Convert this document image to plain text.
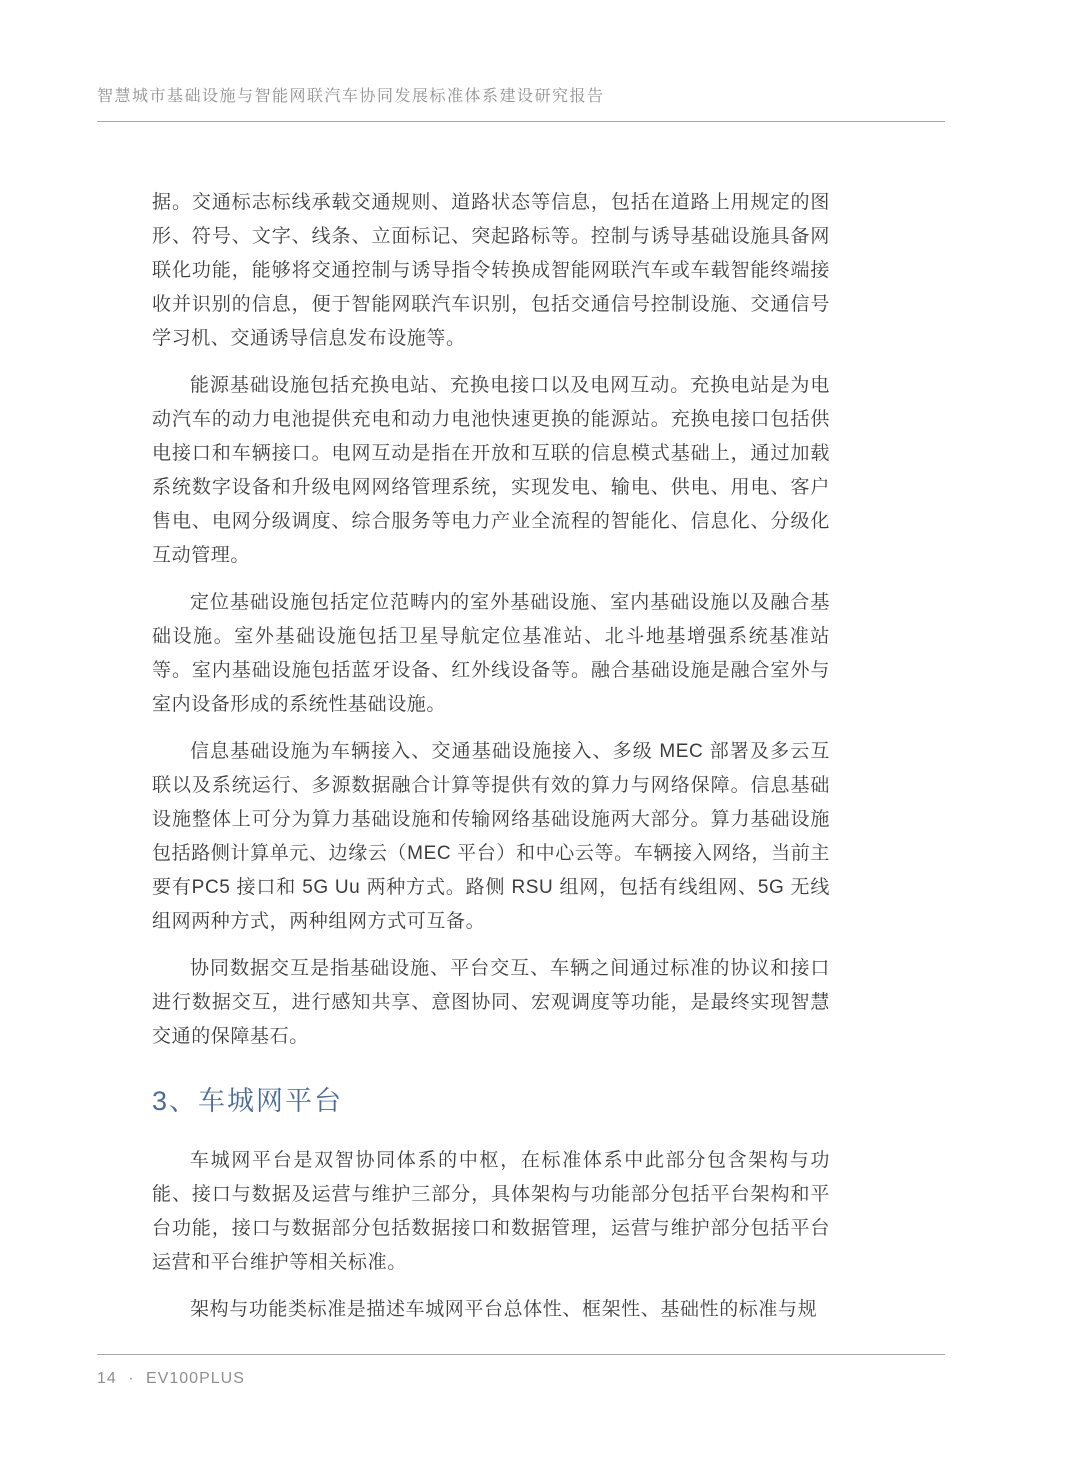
智慧城市基础设施与智能网联汽车协同发展标准体系建设研究报告

据。交通标志标线承载交通规则、道路状态等信息，包括在道路上用规定的图形、符号、文字、线条、立面标记、突起路标等。控制与诱导基础设施具备网联化功能，能够将交通控制与诱导指令转换成智能网联汽车或车载智能终端接收并识别的信息，便于智能网联汽车识别，包括交通信号控制设施、交通信号学习机、交通诱导信息发布设施等。

能源基础设施包括充换电站、充换电接口以及电网互动。充换电站是为电动汽车的动力电池提供充电和动力电池快速更换的能源站。充换电接口包括供电接口和车辆接口。电网互动是指在开放和互联的信息模式基础上，通过加载系统数字设备和升级电网网络管理系统，实现发电、输电、供电、用电、客户售电、电网分级调度、综合服务等电力产业全流程的智能化、信息化、分级化互动管理。

定位基础设施包括定位范畴内的室外基础设施、室内基础设施以及融合基础设施。室外基础设施包括卫星导航定位基准站、北斗地基增强系统基准站等。室内基础设施包括蓝牙设备、红外线设备等。融合基础设施是融合室外与室内设备形成的系统性基础设施。

信息基础设施为车辆接入、交通基础设施接入、多级 MEC 部署及多云互联以及系统运行、多源数据融合计算等提供有效的算力与网络保障。信息基础设施整体上可分为算力基础设施和传输网络基础设施两大部分。算力基础设施包括路侧计算单元、边缘云（MEC 平台）和中心云等。车辆接入网络，当前主要有PC5 接口和 5G Uu 两种方式。路侧 RSU 组网，包括有线组网、5G 无线组网两种方式，两种组网方式可互备。

协同数据交互是指基础设施、平台交互、车辆之间通过标准的协议和接口进行数据交互，进行感知共享、意图协同、宏观调度等功能，是最终实现智慧交通的保障基石。

3、车城网平台

车城网平台是双智协同体系的中枢，在标准体系中此部分包含架构与功能、接口与数据及运营与维护三部分，具体架构与功能部分包括平台架构和平台功能，接口与数据部分包括数据接口和数据管理，运营与维护部分包括平台运营和平台维护等相关标准。

架构与功能类标准是描述车城网平台总体性、框架性、基础性的标准与规

14 · EV100PLUS
